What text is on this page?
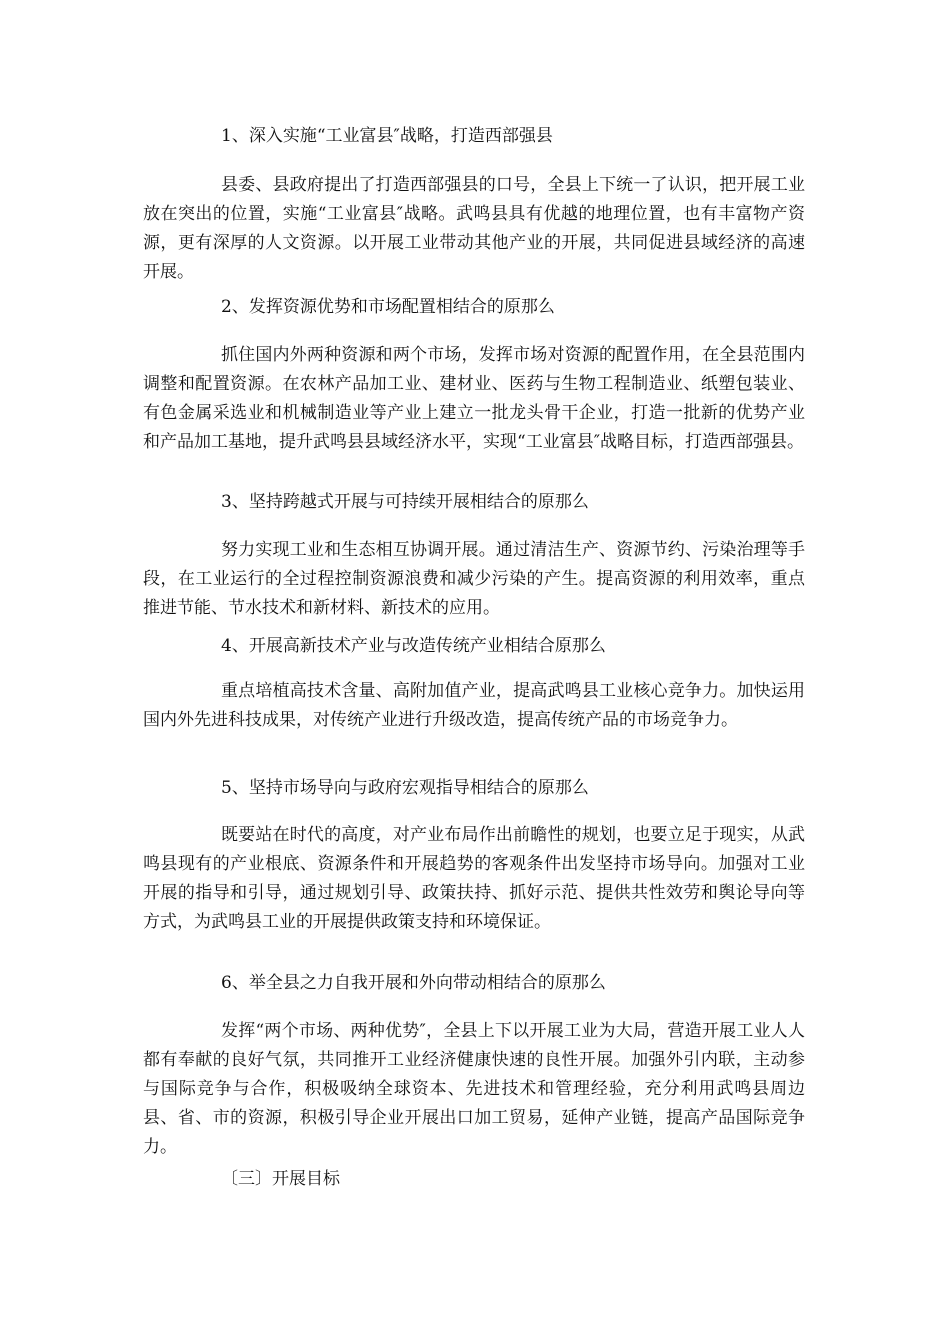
1、深入实施“工业富县″战略，打造西部强县
县委、县政府提出了打造西部强县的口号，全县上下统一了认识，把开展工业放在突出的位置，实施“工业富县″战略。武鸣县具有优越的地理位置，也有丰富物产资源，更有深厚的人文资源。以开展工业带动其他产业的开展，共同促进县域经济的高速开展。
2、发挥资源优势和市场配置相结合的原那么
抓住国内外两种资源和两个市场，发挥市场对资源的配置作用，在全县范围内调整和配置资源。在农林产品加工业、建材业、医药与生物工程制造业、纸塑包装业、有色金属采选业和机械制造业等产业上建立一批龙头骨干企业，打造一批新的优势产业和产品加工基地，提升武鸣县县域经济水平，实现“工业富县″战略目标，打造西部强县。
3、坚持跨越式开展与可持续开展相结合的原那么
努力实现工业和生态相互协调开展。通过清洁生产、资源节约、污染治理等手段，在工业运行的全过程控制资源浪费和减少污染的产生。提高资源的利用效率，重点推进节能、节水技术和新材料、新技术的应用。
4、开展高新技术产业与改造传统产业相结合原那么
重点培植高技术含量、高附加值产业，提高武鸣县工业核心竞争力。加快运用国内外先进科技成果，对传统产业进行升级改造，提高传统产品的市场竞争力。
5、坚持市场导向与政府宏观指导相结合的原那么
既要站在时代的高度，对产业布局作出前瞻性的规划，也要立足于现实，从武鸣县现有的产业根底、资源条件和开展趋势的客观条件出发坚持市场导向。加强对工业开展的指导和引导，通过规划引导、政策扶持、抓好示范、提供共性效劳和舆论导向等方式，为武鸣县工业的开展提供政策支持和环境保证。
6、举全县之力自我开展和外向带动相结合的原那么
发挥“两个市场、两种优势″，全县上下以开展工业为大局，营造开展工业人人都有奉献的良好气氛，共同推开工业经济健康快速的良性开展。加强外引内联，主动参与国际竞争与合作，积极吸纳全球资本、先进技术和管理经验，充分利用武鸣县周边县、省、市的资源，积极引导企业开展出口加工贸易，延伸产业链，提高产品国际竞争力。
〔三〕开展目标
